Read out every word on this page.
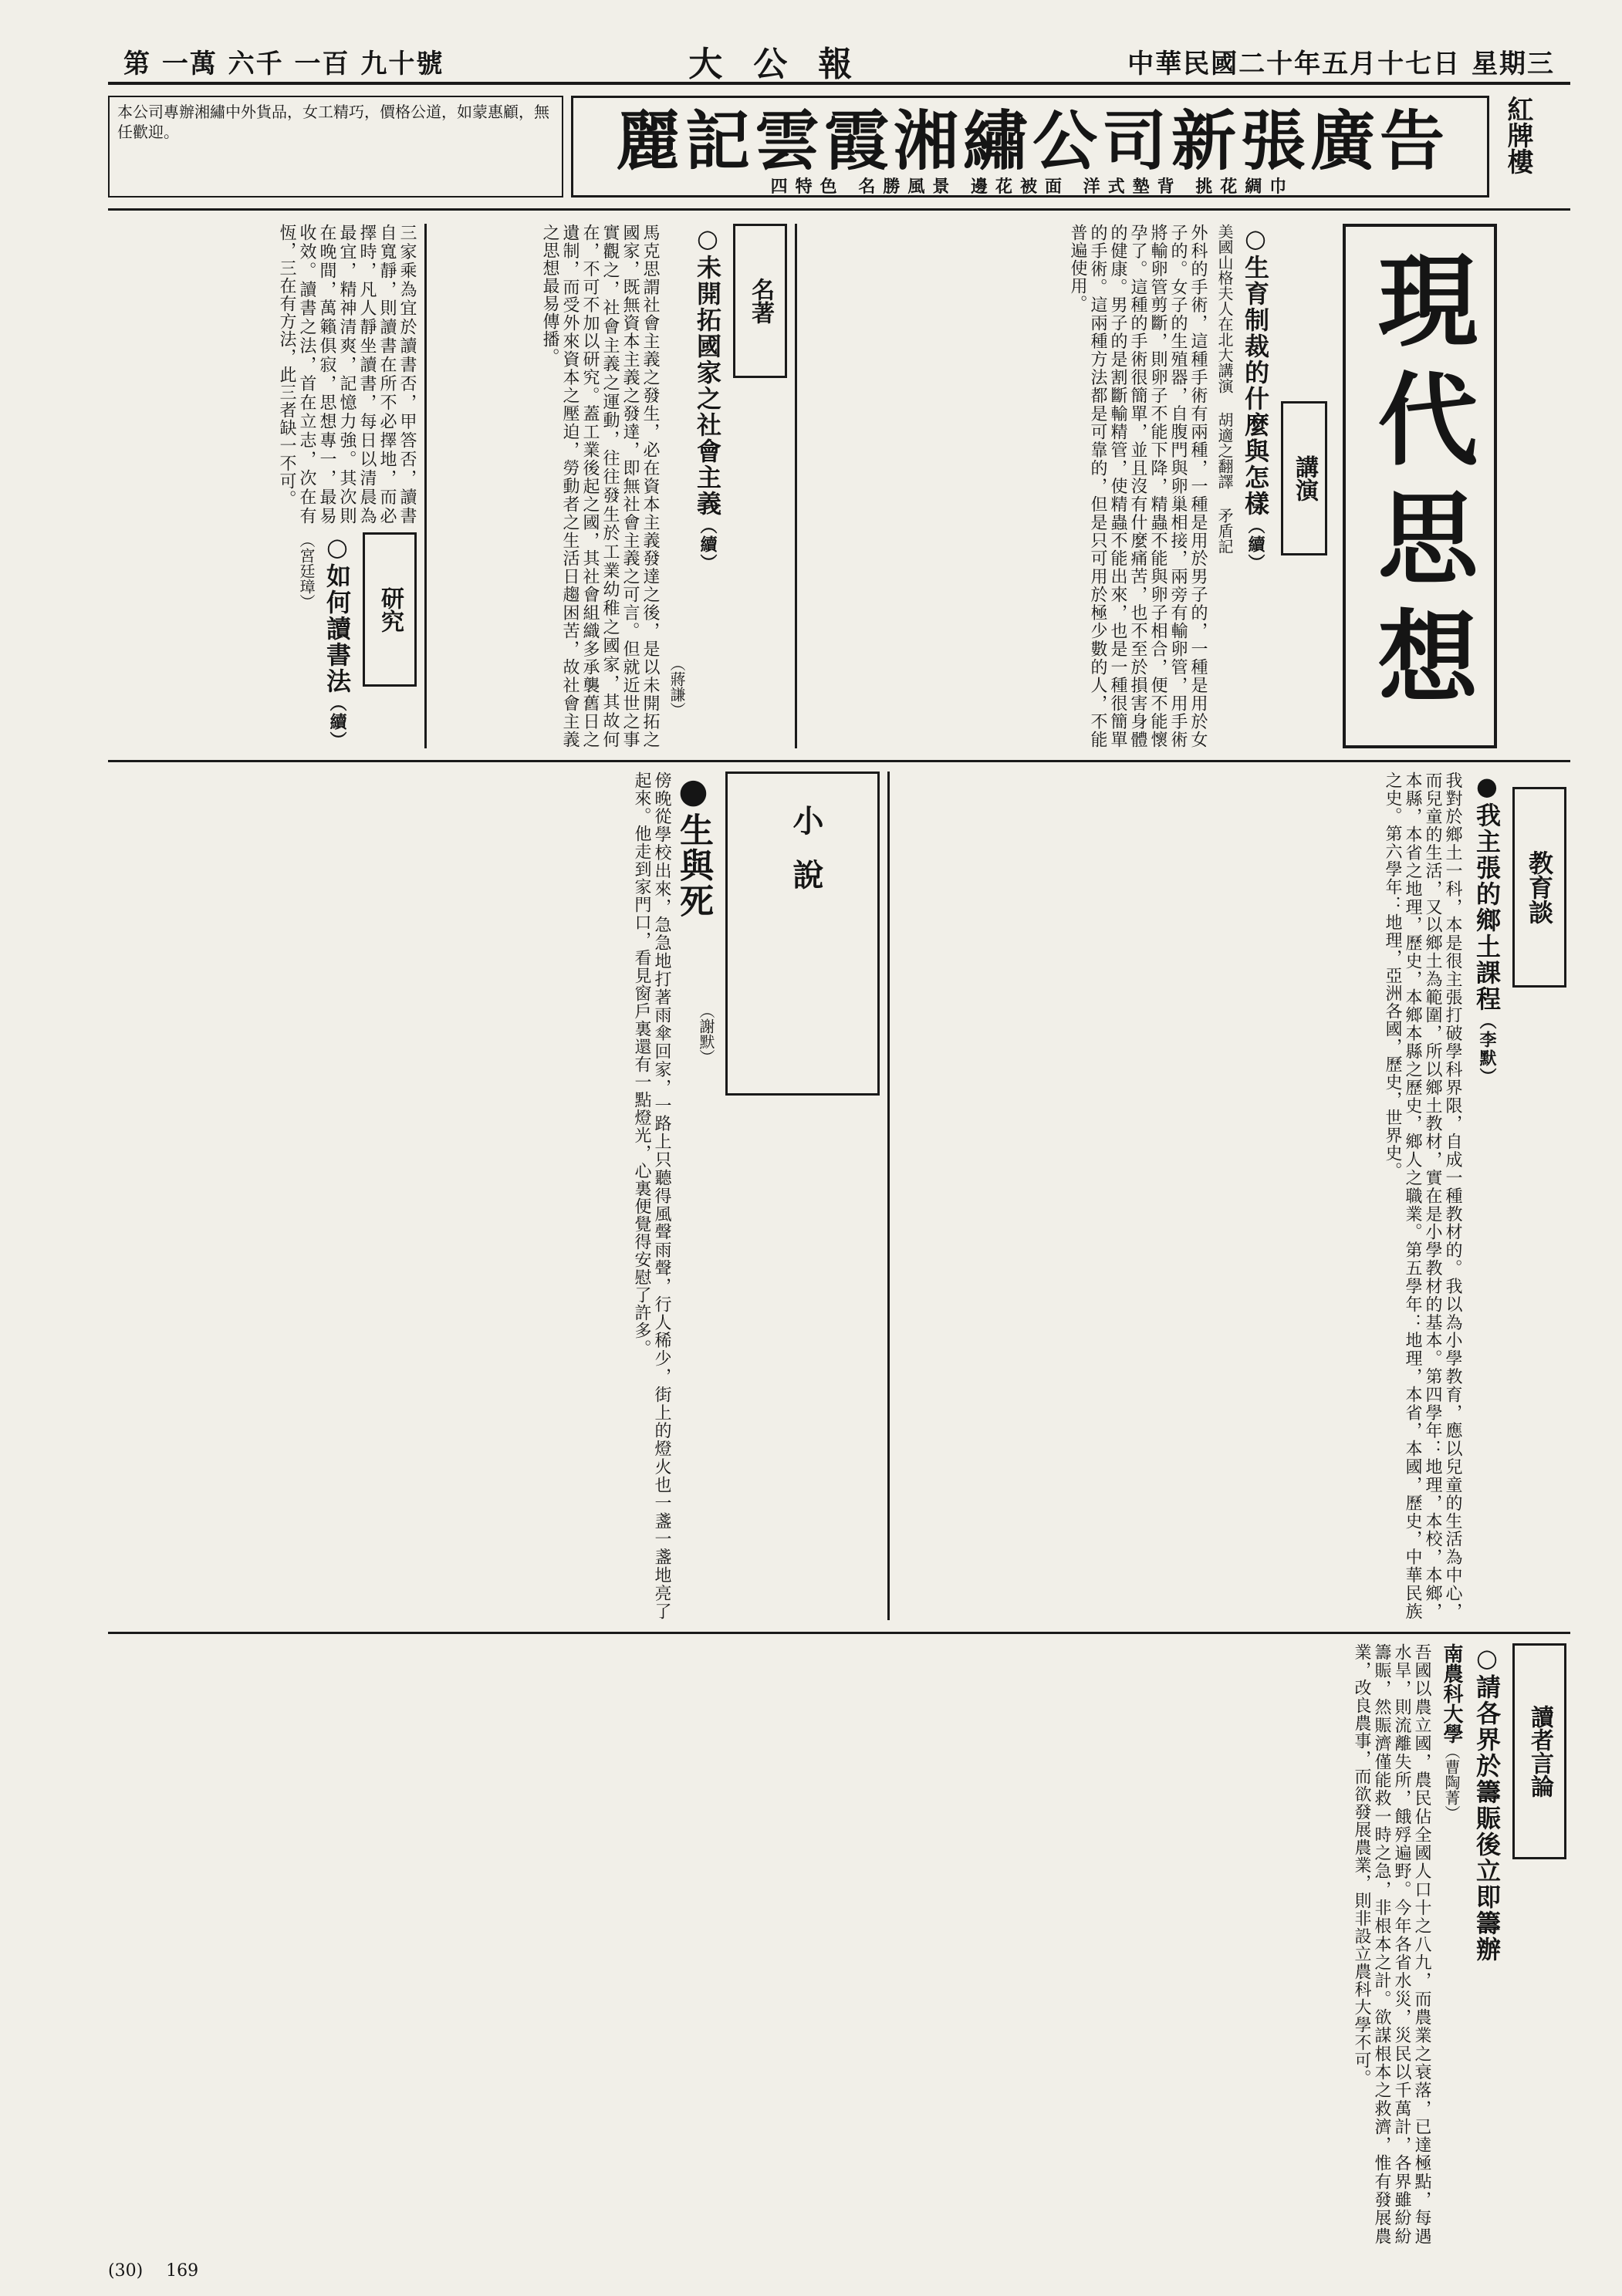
第 一萬 六千 一百 九十號	大公報	中華民國二十年五月十七日 星期三
麗記雲霞湘繡公司新張廣告
四特色 名勝風景 邊花被面 洋式墊背 挑花綢巾
紅牌樓
本公司專辦湘繡中外貨品，女工精巧，價格公道，如蒙惠顧，無任歡迎。
現代思想
講演
○生育制裁的什麼與怎樣（續）
美國山格夫人在北大講演 胡適之翻譯 矛盾記
外科的手術，這種手術有兩種，一種是用於男子的，一種是用於女子的。女子的生殖器，自腹門與卵巢相接，兩旁有輸卵管，用手術將輸卵管剪斷，則卵子不能下降，精蟲不能與卵子相合，便不能懷孕了。這種的手術很簡單，並且沒有什麼痛苦，也不至於損害身體的健康。男子的是割斷輸精管，使精蟲不能出來，也是一種很簡單的手術。這兩種方法都是可靠的，但是只可用於極少數的人，不能普遍使用。
名著
○未開拓國家之社會主義（續）
（蔣謙）
馬克思謂社會主義之發生，必在資本主義發達之後，是以未開拓之國家，既無資本主義之發達，即無社會主義之可言。但就近世之事實觀之，社會主義之運動，往往發生於工業幼稚之國家，其故何在，不可不加以研究。蓋工業後起之國，其社會組織多承襲舊日之遺制，而受外來資本之壓迫，勞動者之生活日趨困苦，故社會主義之思想最易傳播。
研究
○如何讀書法（續）
（宮廷璋）
三家乘為宜於讀書否，甲答否，讀書自寬靜，則讀書在所不必擇地，而必擇時，凡人靜坐讀書，每日以清晨為最宜，精神清爽，記憶力強。其次則在晚間，萬籟俱寂，思想專一，最易收效。讀書之法，首在立志，次在有恆，三在有方法，此三者缺一不可。
教育談
●我主張的鄉土課程（李默）
我對於鄉土一科，本是很主張打破學科界限，自成一種教材的。我以為小學教育，應以兒童的生活為中心，而兒童的生活，又以鄉土為範圍，所以鄉土教材，實在是小學教材的基本。第四學年：地理，本校，本鄉，本縣，本省之地理，歷史，本鄉本縣之歷史，鄉人之職業。第五學年：地理，本省，本國，歷史，中華民族之史。第六學年：地理，亞洲各國，歷史，世界史。
小說
●生與死
（謝默）
傍晚從學校出來，急急地打著雨傘回家，一路上只聽得風聲雨聲，行人稀少，街上的燈火也一盞一盞地亮了起來。他走到家門口，看見窗戶裏還有一點燈光，心裏便覺得安慰了許多。
讀者言論
○請各界於籌賑後立即籌辦
南農科大學（曹陶菁）
吾國以農立國，農民佔全國人口十之八九，而農業之衰落，已達極點，每遇水旱，則流離失所，餓殍遍野。今年各省水災，災民以千萬計，各界雖紛紛籌賑，然賑濟僅能救一時之急，非根本之計。欲謀根本之救濟，惟有發展農業，改良農事，而欲發展農業，則非設立農科大學不可。
(30) 169
